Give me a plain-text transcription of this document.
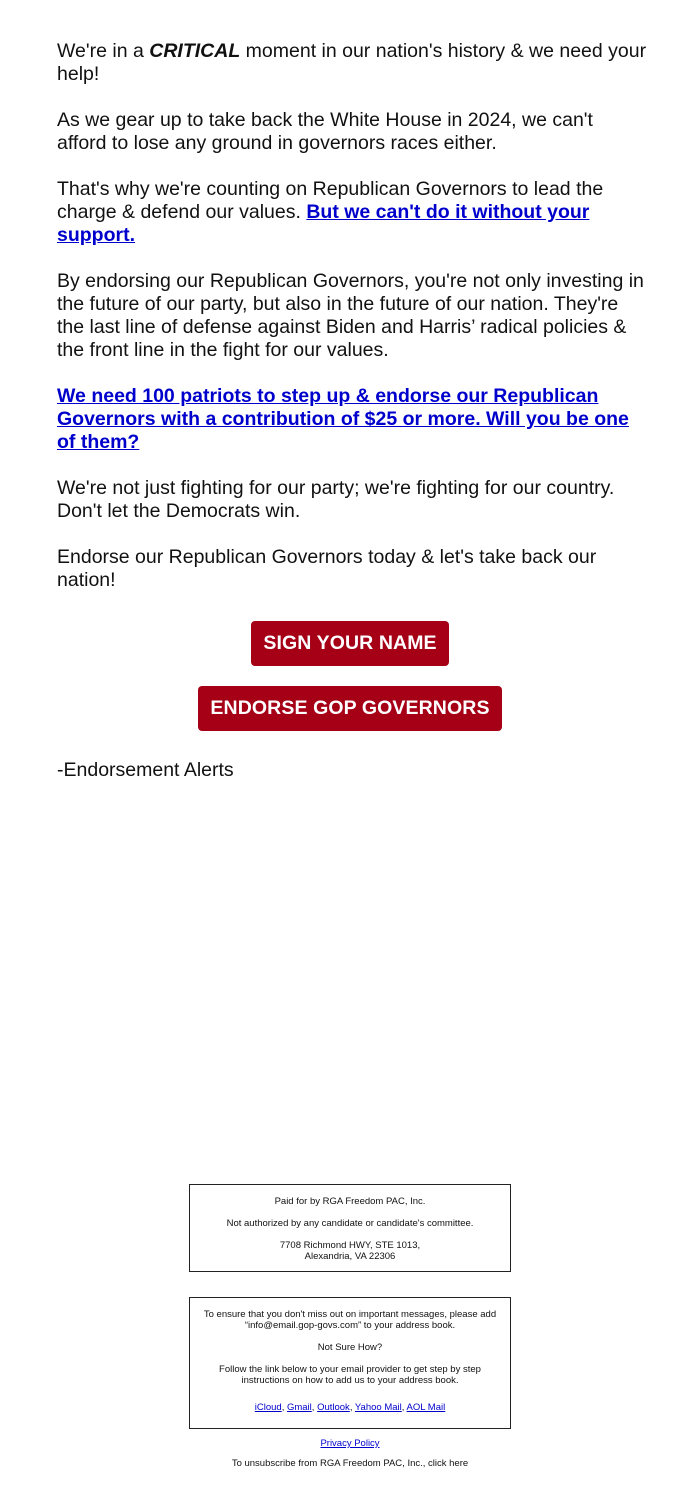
We're in a CRITICAL moment in our nation's history & we need your help!

As we gear up to take back the White House in 2024, we can't afford to lose any ground in governors races either.

That's why we're counting on Republican Governors to lead the charge & defend our values. But we can't do it without your support.

By endorsing our Republican Governors, you're not only investing in the future of our party, but also in the future of our nation. They're the last line of defense against Biden and Harris’ radical policies & the front line in the fight for our values.

We need 100 patriots to step up & endorse our Republican Governors with a contribution of $25 or more. Will you be one of them?

We're not just fighting for our party; we're fighting for our country. Don't let the Democrats win.

Endorse our Republican Governors today & let's take back our nation!

SIGN YOUR NAME
ENDORSE GOP GOVERNORS
-Endorsement Alerts

Paid for by RGA Freedom PAC, Inc.

Not authorized by any candidate or candidate's committee.

7708 Richmond HWY, STE 1013,

Alexandria, VA 22306

To ensure that you don't miss out on important messages, please add “info@email.gop-govs.com” to your address book.

Not Sure How?

Follow the link below to your email provider to get step by step instructions on how to add us to your address book.

iCloud, Gmail, Outlook, Yahoo Mail, AOL Mail

Privacy Policy
To unsubscribe from RGA Freedom PAC, Inc., click here
